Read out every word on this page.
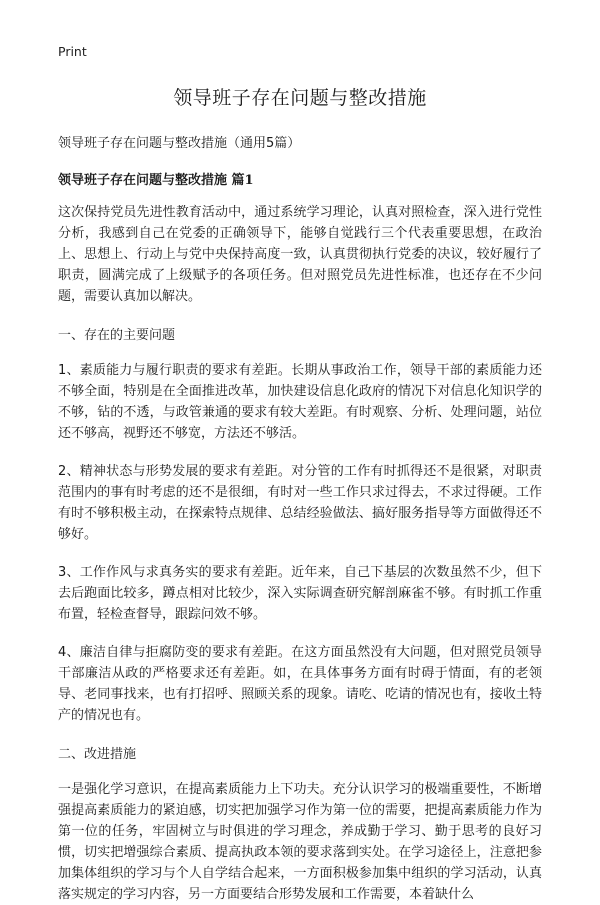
Print
领导班子存在问题与整改措施

领导班子存在问题与整改措施（通用5篇）

领导班子存在问题与整改措施 篇1

这次保持党员先进性教育活动中，通过系统学习理论，认真对照检查，深入进行党性分析，我感到自己在党委的正确领导下，能够自觉践行三个代表重要思想，在政治上、思想上、行动上与党中央保持高度一致，认真贯彻执行党委的决议，较好履行了职责，圆满完成了上级赋予的各项任务。但对照党员先进性标准，也还存在不少问题，需要认真加以解决。

一、存在的主要问题

1、素质能力与履行职责的要求有差距。长期从事政治工作，领导干部的素质能力还不够全面，特别是在全面推进改革，加快建设信息化政府的情况下对信息化知识学的不够，钻的不透，与政管兼通的要求有较大差距。有时观察、分析、处理问题，站位还不够高，视野还不够宽，方法还不够活。

2、精神状态与形势发展的要求有差距。对分管的工作有时抓得还不是很紧，对职责范围内的事有时考虑的还不是很细，有时对一些工作只求过得去，不求过得硬。工作有时不够积极主动，在探索特点规律、总结经验做法、搞好服务指导等方面做得还不够好。

3、工作作风与求真务实的要求有差距。近年来，自己下基层的次数虽然不少，但下去后跑面比较多，蹲点相对比较少，深入实际调查研究解剖麻雀不够。有时抓工作重布置，轻检查督导，跟踪问效不够。

4、廉洁自律与拒腐防变的要求有差距。在这方面虽然没有大问题，但对照党员领导干部廉洁从政的严格要求还有差距。如，在具体事务方面有时碍于情面，有的老领导、老同事找来，也有打招呼、照顾关系的现象。请吃、吃请的情况也有，接收土特产的情况也有。

二、改进措施

一是强化学习意识，在提高素质能力上下功夫。充分认识学习的极端重要性，不断增强提高素质能力的紧迫感，切实把加强学习作为第一位的需要，把提高素质能力作为第一位的任务，牢固树立与时俱进的学习理念，养成勤于学习、勤于思考的良好习惯，切实把增强综合素质、提高执政本领的要求落到实处。在学习途径上，注意把参加集体组织的学习与个人自学结合起来，一方面积极参加集中组织的学习活动，认真落实规定的学习内容，另一方面要结合形势发展和工作需要，本着缺什么
